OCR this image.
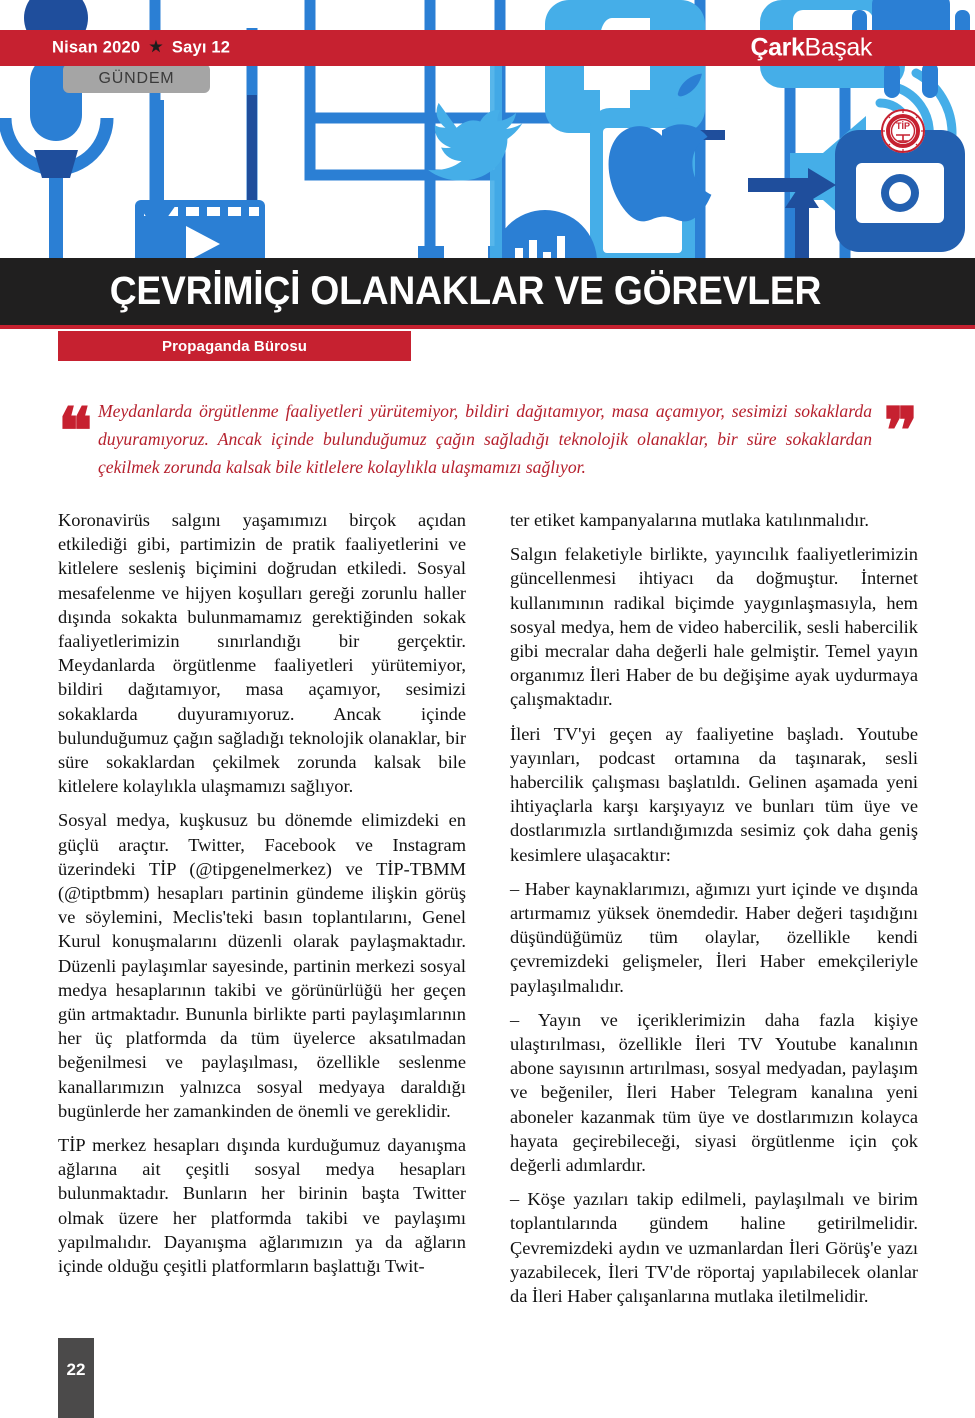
GÜNDEM
Nisan 2020 ★ Sayı 12	ÇarkBaşak
TİP
ÇEVRİMİÇİ OLANAKLAR VE GÖREVLER
Propaganda Bürosu
❝	❞

Meydanlarda örgütlenme faaliyetleri yürütemiyor, bildiri dağıtamıyor, masa açamıyor, sesimizi sokaklarda duyuramıyoruz. Ancak içinde bulunduğumuz çağın sağladığı teknolojik olanaklar, bir süre sokaklardan çekilmek zorunda kalsak bile kitlelere kolaylıkla ulaşmamızı sağlıyor.

Koronavirüs salgını yaşamımızı birçok açıdan etkilediği gibi, partimizin de pratik faaliyetlerini ve kitlelere sesleniş biçimini doğrudan etkiledi. Sosyal mesafelenme ve hijyen koşulları gereği zorunlu haller dışında sokakta bulunmamamız gerektiğinden sokak faaliyetlerimizin sınırlandığı bir gerçektir. Meydanlarda örgütlenme faaliyetleri yürütemiyor, bildiri dağıtamıyor, masa açamıyor, sesimizi sokaklarda duyuramıyoruz. Ancak içinde bulunduğumuz çağın sağladığı teknolojik olanaklar, bir süre sokaklardan çekilmek zorunda kalsak bile kitlelere kolaylıkla ulaşmamızı sağlıyor.

Sosyal medya, kuşkusuz bu dönemde elimizdeki en güçlü araçtır. Twitter, Facebook ve Instagram üzerindeki TİP (@tipgenelmerkez) ve TİP-TBMM (@tiptbmm) hesapları partinin gündeme ilişkin görüş ve söylemini, Meclis'teki basın toplantılarını, Genel Kurul konuşmalarını düzenli olarak paylaşmaktadır. Düzenli paylaşımlar sayesinde, partinin merkezi sosyal medya hesaplarının takibi ve görünürlüğü her geçen gün artmaktadır. Bununla birlikte parti paylaşımlarının her üç platformda da tüm üyelerce aksatılmadan beğenilmesi ve paylaşılması, özellikle seslenme kanallarımızın yalnızca sosyal medyaya daraldığı bugünlerde her zamankinden de önemli ve gereklidir.

TİP merkez hesapları dışında kurduğumuz dayanışma ağlarına ait çeşitli sosyal medya hesapları bulunmaktadır. Bunların her birinin başta Twitter olmak üzere her platformda takibi ve paylaşımı yapılmalıdır. Dayanışma ağlarımızın ya da ağların içinde olduğu çeşitli platformların başlattığı Twit-

ter etiket kampanyalarına mutlaka katılınmalıdır.

Salgın felaketiyle birlikte, yayıncılık faaliyetlerimizin güncellenmesi ihtiyacı da doğmuştur. İnternet kullanımının radikal biçimde yaygınlaşmasıyla, hem sosyal medya, hem de video habercilik, sesli habercilik gibi mecralar daha değerli hale gelmiştir. Temel yayın organımız İleri Haber de bu değişime ayak uydurmaya çalışmaktadır.

İleri TV'yi geçen ay faaliyetine başladı. Youtube yayınları, podcast ortamına da taşınarak, sesli habercilik çalışması başlatıldı. Gelinen aşamada yeni ihtiyaçlarla karşı karşıyayız ve bunları tüm üye ve dostlarımızla sırtlandığımızda sesimiz çok daha geniş kesimlere ulaşacaktır:

– Haber kaynaklarımızı, ağımızı yurt içinde ve dışında artırmamız yüksek önemdedir. Haber değeri taşıdığını düşündüğümüz tüm olaylar, özellikle kendi çevremizdeki gelişmeler, İleri Haber emekçileriyle paylaşılmalıdır.

– Yayın ve içeriklerimizin daha fazla kişiye ulaştırılması, özellikle İleri TV Youtube kanalının abone sayısının artırılması, sosyal medyadan, paylaşım ve beğeniler, İleri Haber Telegram kanalına yeni aboneler kazanmak tüm üye ve dostlarımızın kolayca hayata geçirebileceği, siyasi örgütlenme için çok değerli adımlardır.

– Köşe yazıları takip edilmeli, paylaşılmalı ve birim toplantılarında gündem haline getirilmelidir. Çevremizdeki aydın ve uzmanlardan İleri Görüş'e yazı yazabilecek, İleri TV'de röportaj yapılabilecek olanlar da İleri Haber çalışanlarına mutlaka iletilmelidir.

22
